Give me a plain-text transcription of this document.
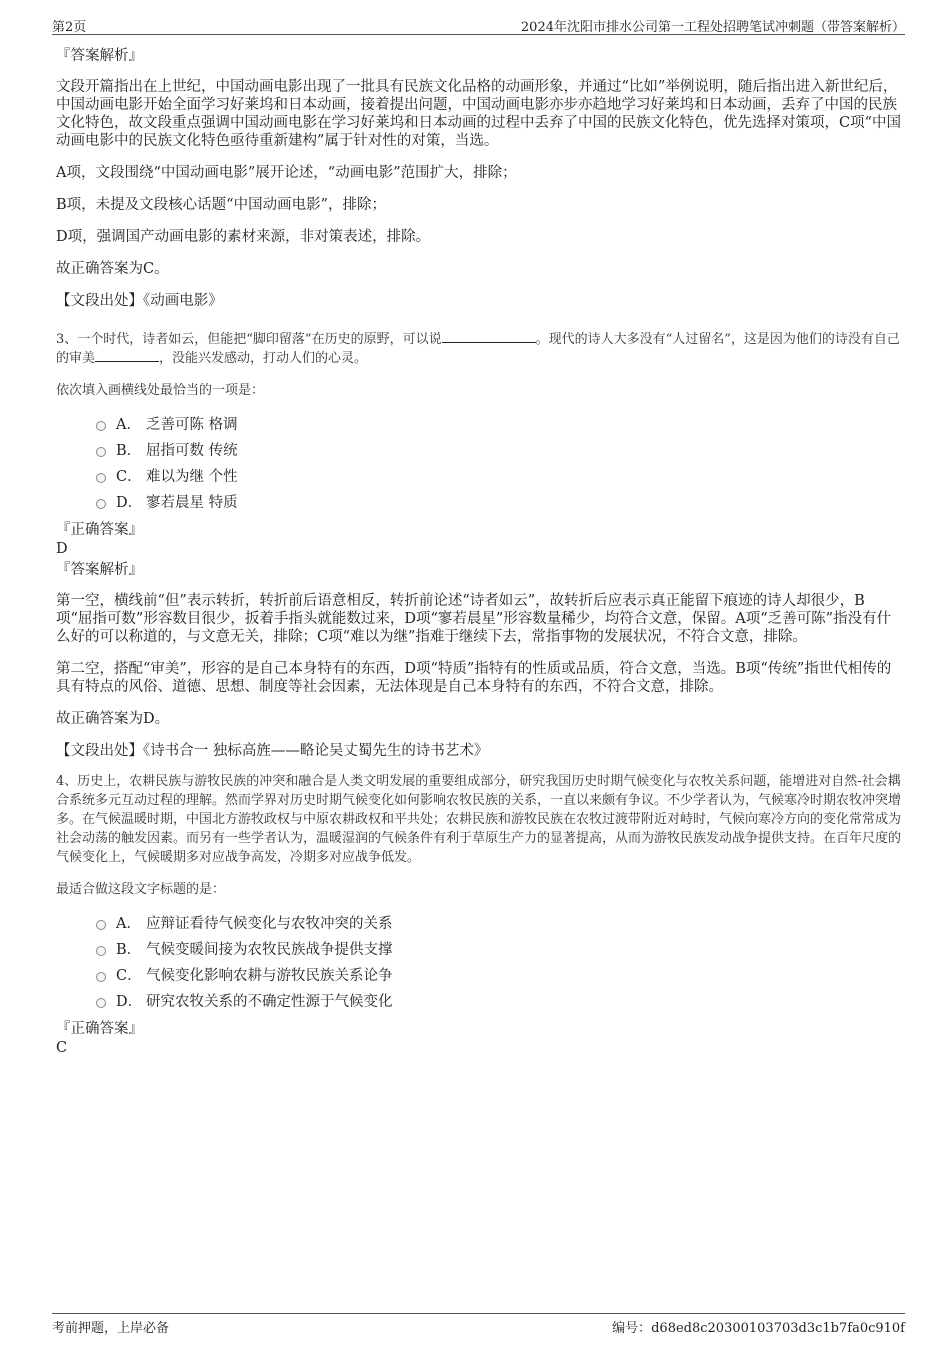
第2页	2024年沈阳市排水公司第一工程处招聘笔试冲刺题（带答案解析）

『答案解析』

文段开篇指出在上世纪，中国动画电影出现了一批具有民族文化品格的动画形象，并通过“比如”举例说明，随后指出进入新世纪后，中国动画电影开始全面学习好莱坞和日本动画，接着提出问题，中国动画电影亦步亦趋地学习好莱坞和日本动画，丢弃了中国的民族文化特色，故文段重点强调中国动画电影在学习好莱坞和日本动画的过程中丢弃了中国的民族文化特色，优先选择对策项，C项“中国动画电影中的民族文化特色亟待重新建构”属于针对性的对策，当选。

A项，文段围绕“中国动画电影”展开论述，“动画电影”范围扩大，排除；

B项，未提及文段核心话题“中国动画电影”，排除；

D项，强调国产动画电影的素材来源，非对策表述，排除。

故正确答案为C。

【文段出处】《动画电影》

3、一个时代，诗者如云，但能把“脚印留落”在历史的原野，可以说	。现代的诗人大多没有“人过留名”，这是因为他们的诗没有自己的审美	，没能兴发感动，打动人们的心灵。

依次填入画横线处最恰当的一项是：

A． 乏善可陈 格调
B． 屈指可数 传统
C． 难以为继 个性
D． 寥若晨星 特质

『正确答案』

D

『答案解析』

第一空，横线前“但”表示转折，转折前后语意相反，转折前论述“诗者如云”，故转折后应表示真正能留下痕迹的诗人却很少，B项“屈指可数”形容数目很少，扳着手指头就能数过来，D项“寥若晨星”形容数量稀少，均符合文意，保留。A项“乏善可陈”指没有什么好的可以称道的，与文意无关，排除；C项“难以为继”指难于继续下去，常指事物的发展状况，不符合文意，排除。

第二空，搭配“审美”，形容的是自己本身特有的东西，D项“特质”指特有的性质或品质，符合文意，当选。B项“传统”指世代相传的具有特点的风俗、道德、思想、制度等社会因素，无法体现是自己本身特有的东西，不符合文意，排除。

故正确答案为D。

【文段出处】《诗书合一 独标高旌——略论吴丈蜀先生的诗书艺术》

4、历史上，农耕民族与游牧民族的冲突和融合是人类文明发展的重要组成部分，研究我国历史时期气候变化与农牧关系问题，能增进对自然-社会耦合系统多元互动过程的理解。然而学界对历史时期气候变化如何影响农牧民族的关系，一直以来颇有争议。不少学者认为，气候寒冷时期农牧冲突增多。在气候温暖时期，中国北方游牧政权与中原农耕政权和平共处；农耕民族和游牧民族在农牧过渡带附近对峙时，气候向寒冷方向的变化常常成为社会动荡的触发因素。而另有一些学者认为，温暖湿润的气候条件有利于草原生产力的显著提高，从而为游牧民族发动战争提供支持。在百年尺度的气候变化上，气候暖期多对应战争高发，冷期多对应战争低发。

最适合做这段文字标题的是：

A． 应辩证看待气候变化与农牧冲突的关系
B． 气候变暖间接为农牧民族战争提供支撑
C． 气候变化影响农耕与游牧民族关系论争
D． 研究农牧关系的不确定性源于气候变化

『正确答案』

C

考前押题，上岸必备	编号：d68ed8c20300103703d3c1b7fa0c910f
